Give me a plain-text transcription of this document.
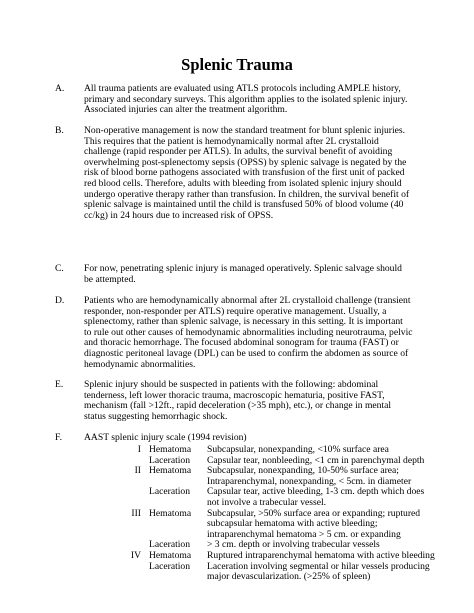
Splenic Trauma
A. All trauma patients are evaluated using ATLS protocols including AMPLE history,
primary and secondary surveys. This algorithm applies to the isolated splenic injury.
Associated injuries can alter the treatment algorithm.
B. Non-operative management is now the standard treatment for blunt splenic injuries.
This requires that the patient is hemodynamically normal after 2L crystalloid
challenge (rapid responder per ATLS). In adults, the survival benefit of avoiding
overwhelming post-splenectomy sepsis (OPSS) by splenic salvage is negated by the
risk of blood borne pathogens associated with transfusion of the first unit of packed
red blood cells. Therefore, adults with bleeding from isolated splenic injury should
undergo operative therapy rather than transfusion. In children, the survival benefit of
splenic salvage is maintained until the child is transfused 50% of blood volume (40
cc/kg) in 24 hours due to increased risk of OPSS.
C. For now, penetrating splenic injury is managed operatively. Splenic salvage should
be attempted.
D. Patients who are hemodynamically abnormal after 2L crystalloid challenge (transient
responder, non-responder per ATLS) require operative management. Usually, a
splenectomy, rather than splenic salvage, is necessary in this setting. It is important
to rule out other causes of hemodynamic abnormalities including neurotrauma, pelvic
and thoracic hemorrhage. The focused abdominal sonogram for trauma (FAST) or
diagnostic peritoneal lavage (DPL) can be used to confirm the abdomen as source of
hemodynamic abnormalities.
E. Splenic injury should be suspected in patients with the following: abdominal
tenderness, left lower thoracic trauma, macroscopic hematuria, positive FAST,
mechanism (fall >12ft., rapid deceleration (>35 mph), etc.), or change in mental
status suggesting hemorrhagic shock.
F. AAST splenic injury scale (1994 revision)
I Hematoma Subcapsular, nonexpanding, <10% surface area
Laceration Capsular tear, nonbleeding, <1 cm in parenchymal depth
II Hematoma Subcapsular, nonexpanding, 10-50% surface area;
Intraparenchymal, nonexpanding, < 5cm. in diameter
Laceration Capsular tear, active bleeding, 1-3 cm. depth which does
not involve a trabecular vessel.
III Hematoma Subcapsular, >50% surface area or expanding; ruptured
subcapsular hematoma with active bleeding;
intraparenchymal hematoma > 5 cm. or expanding
Laceration > 3 cm. depth or involving trabecular vessels
IV Hematoma Ruptured intraparenchymal hematoma with active bleeding
Laceration Laceration involving segmental or hilar vessels producing
major devascularization. (>25% of spleen)
